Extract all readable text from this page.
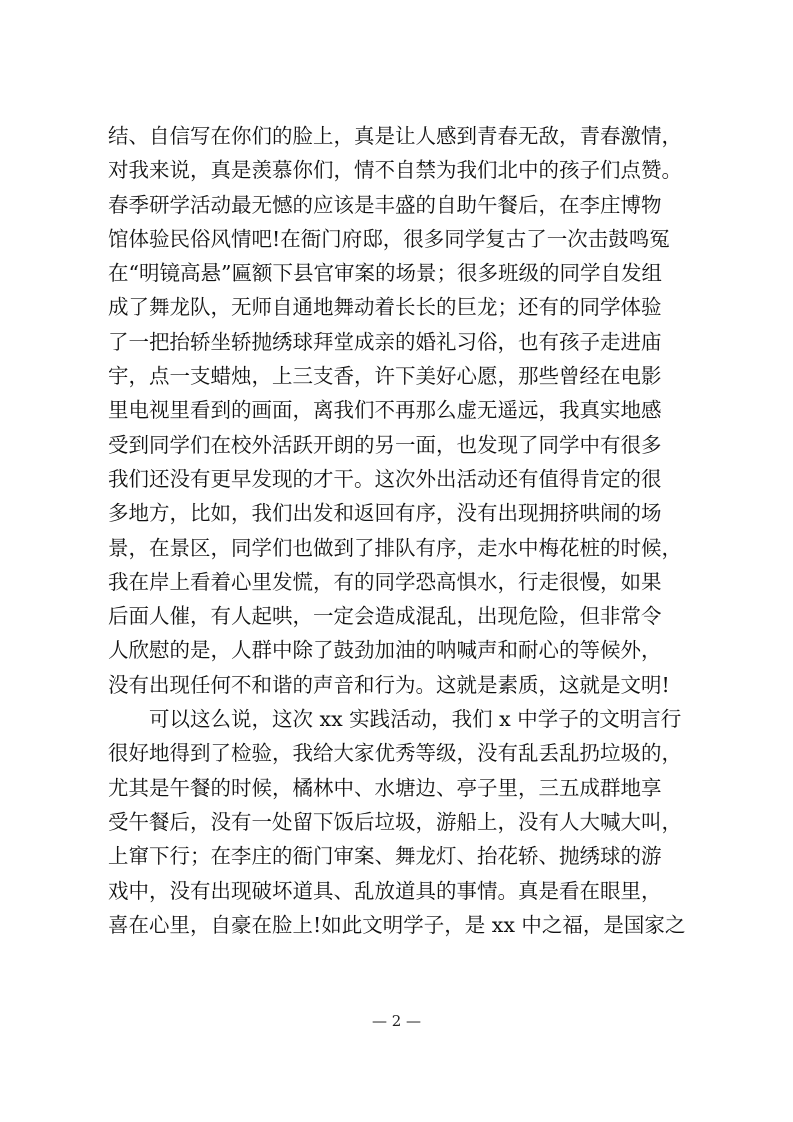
结、自信写在你们的脸上，真是让人感到青春无敌，青春激情，
对我来说，真是羡慕你们，情不自禁为我们北中的孩子们点赞。
春季研学活动最无憾的应该是丰盛的自助午餐后，在李庄博物
馆体验民俗风情吧!在衙门府邸，很多同学复古了一次击鼓鸣冤
在“明镜高悬”匾额下县官审案的场景；很多班级的同学自发组
成了舞龙队，无师自通地舞动着长长的巨龙；还有的同学体验
了一把抬轿坐轿抛绣球拜堂成亲的婚礼习俗，也有孩子走进庙
宇，点一支蜡烛，上三支香，许下美好心愿，那些曾经在电影
里电视里看到的画面，离我们不再那么虚无遥远，我真实地感
受到同学们在校外活跃开朗的另一面，也发现了同学中有很多
我们还没有更早发现的才干。这次外出活动还有值得肯定的很
多地方，比如，我们出发和返回有序，没有出现拥挤哄闹的场
景，在景区，同学们也做到了排队有序，走水中梅花桩的时候，
我在岸上看着心里发慌，有的同学恐高惧水，行走很慢，如果
后面人催，有人起哄，一定会造成混乱，出现危险，但非常令
人欣慰的是，人群中除了鼓劲加油的呐喊声和耐心的等候外，
没有出现任何不和谐的声音和行为。这就是素质，这就是文明!
可以这么说，这次 xx 实践活动，我们 x 中学子的文明言行
很好地得到了检验，我给大家优秀等级，没有乱丢乱扔垃圾的，
尤其是午餐的时候，橘林中、水塘边、亭子里，三五成群地享
受午餐后，没有一处留下饭后垃圾，游船上，没有人大喊大叫，
上窜下行；在李庄的衙门审案、舞龙灯、抬花轿、抛绣球的游
戏中，没有出现破坏道具、乱放道具的事情。真是看在眼里，
喜在心里，自豪在脸上!如此文明学子，是 xx 中之福，是国家之
— 2 —
